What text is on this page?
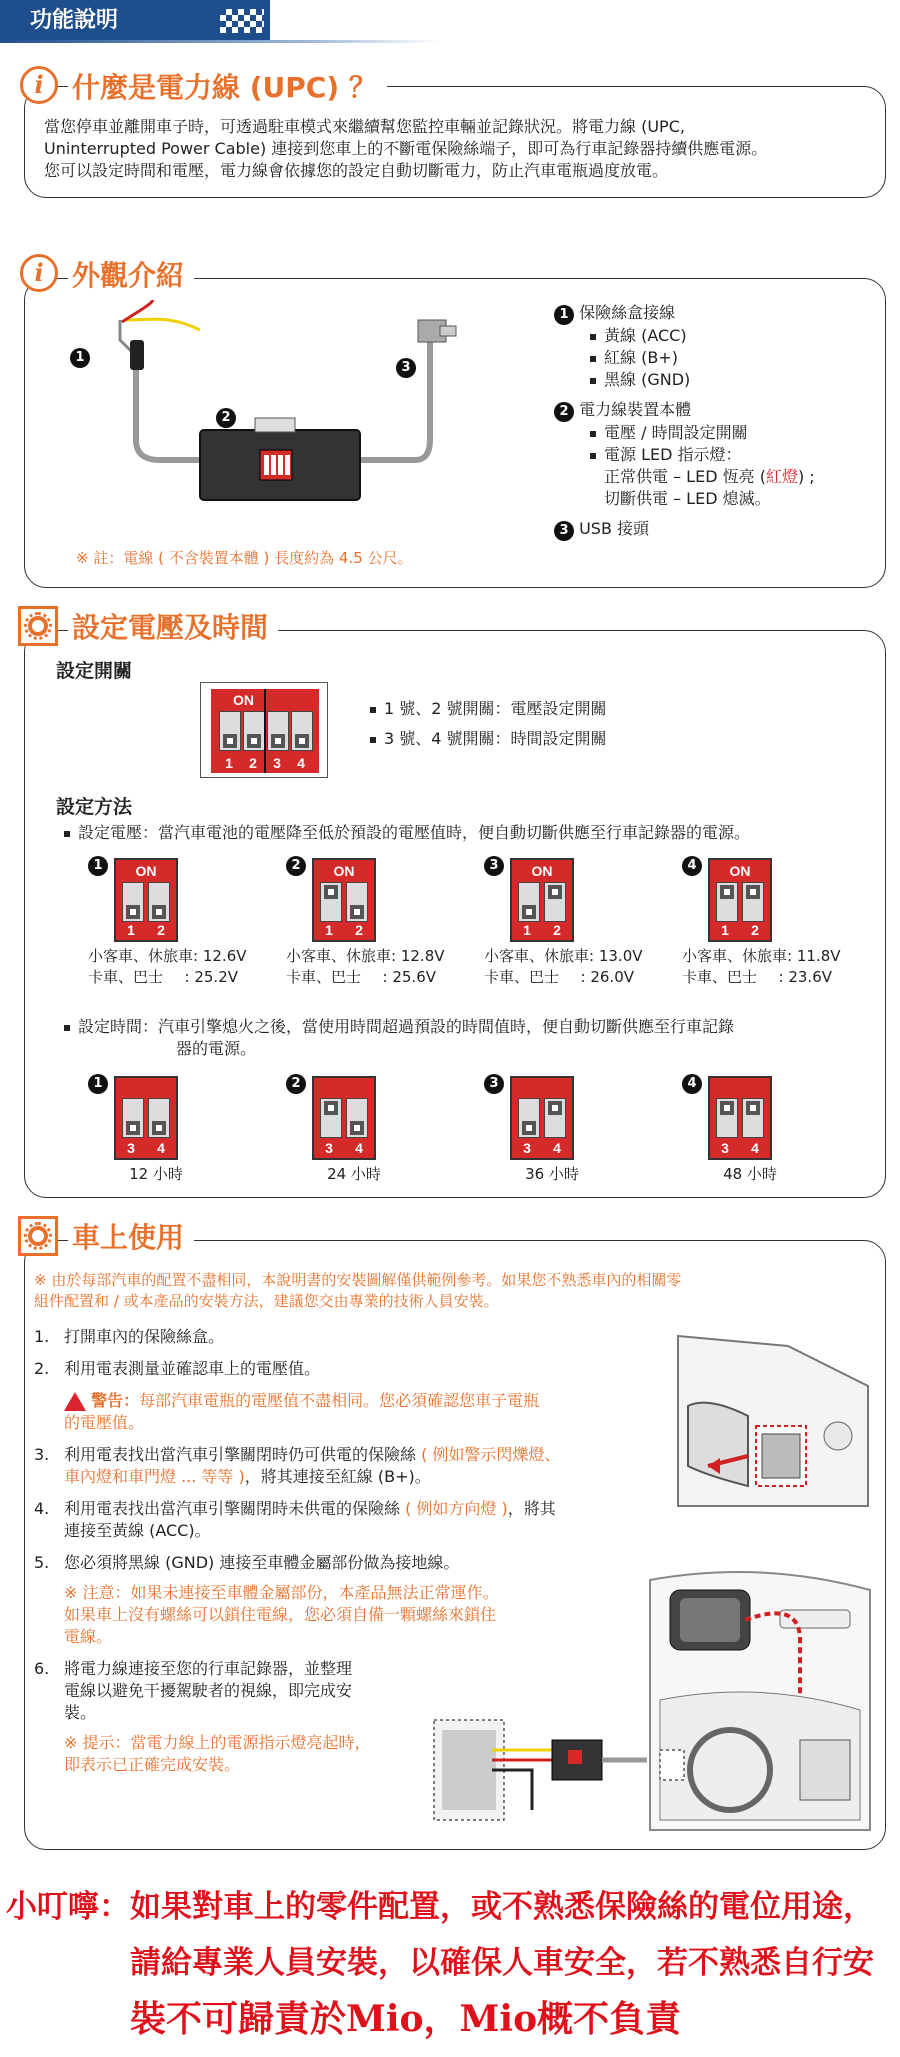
功能說明
i	什麼是電力線 (UPC) ？
當您停車並離開車子時，可透過駐車模式來繼續幫您監控車輛並記錄狀況。將電力線 (UPC,
Uninterrupted Power Cable) 連接到您車上的不斷電保險絲端子，即可為行車記錄器持續供應電源。
您可以設定時間和電壓，電力線會依據您的設定自動切斷電力，防止汽車電瓶過度放電。
i	外觀介紹
1
2
3
1 保險絲盒接線
黃線 (ACC)
紅線 (B+)
黑線 (GND)
2 電力線裝置本體
電壓 / 時間設定開關
電源 LED 指示燈：
正常供電 – LED 恆亮 (紅燈) ;
切斷供電 – LED 熄滅。
3 USB 接頭
※ 註：電線 ( 不含裝置本體 ) 長度約為 4.5 公尺。
設定電壓及時間
設定開關
ON
1 2 3 4
1 號、2 號開關：電壓設定開關
3 號、4 號開關：時間設定開關
設定方法
設定電壓：當汽車電池的電壓降至低於預設的電壓值時，便自動切斷供應至行車記錄器的電源。
1	ON
1 2
小客車、休旅車: 12.6V
卡車、巴士 : 25.2V
2	ON
1 2
小客車、休旅車: 12.8V
卡車、巴士 : 25.6V
3	ON
1 2
小客車、休旅車: 13.0V
卡車、巴士 : 26.0V
4	ON
1 2
小客車、休旅車: 11.8V
卡車、巴士 : 23.6V
設定時間：汽車引擎熄火之後，當使用時間超過預設的時間值時，便自動切斷供應至行車記錄
器的電源。
1
3 4
12 小時
2
3 4
24 小時
3
3 4
36 小時
4
3 4
48 小時
車上使用
※ 由於每部汽車的配置不盡相同，本說明書的安裝圖解僅供範例參考。如果您不熟悉車內的相關零
組件配置和 / 或本產品的安裝方法，建議您交由專業的技術人員安裝。
1. 打開車內的保險絲盒。
2. 利用電表測量並確認車上的電壓值。
警告：每部汽車電瓶的電壓值不盡相同。您必須確認您車子電瓶
的電壓值。
3. 利用電表找出當汽車引擎關閉時仍可供電的保險絲 ( 例如警示閃爍燈、
車內燈和車門燈 ... 等等 )，將其連接至紅線 (B+)。
4. 利用電表找出當汽車引擎關閉時未供電的保險絲 ( 例如方向燈 )，將其
連接至黃線 (ACC)。
5. 您必須將黑線 (GND) 連接至車體金屬部份做為接地線。
※ 注意：如果未連接至車體金屬部份，本產品無法正常運作。
如果車上沒有螺絲可以鎖住電線，您必須自備一顆螺絲來鎖住
電線。
6. 將電力線連接至您的行車記錄器，並整理
電線以避免干擾駕駛者的視線，即完成安
裝。
※ 提示：當電力線上的電源指示燈亮起時，
即表示已正確完成安裝。
小叮嚀：如果對車上的零件配置，或不熟悉保險絲的電位用途，
請給專業人員安裝，以確保人車安全，若不熟悉自行安
裝不可歸責於Mio，Mio概不負責
